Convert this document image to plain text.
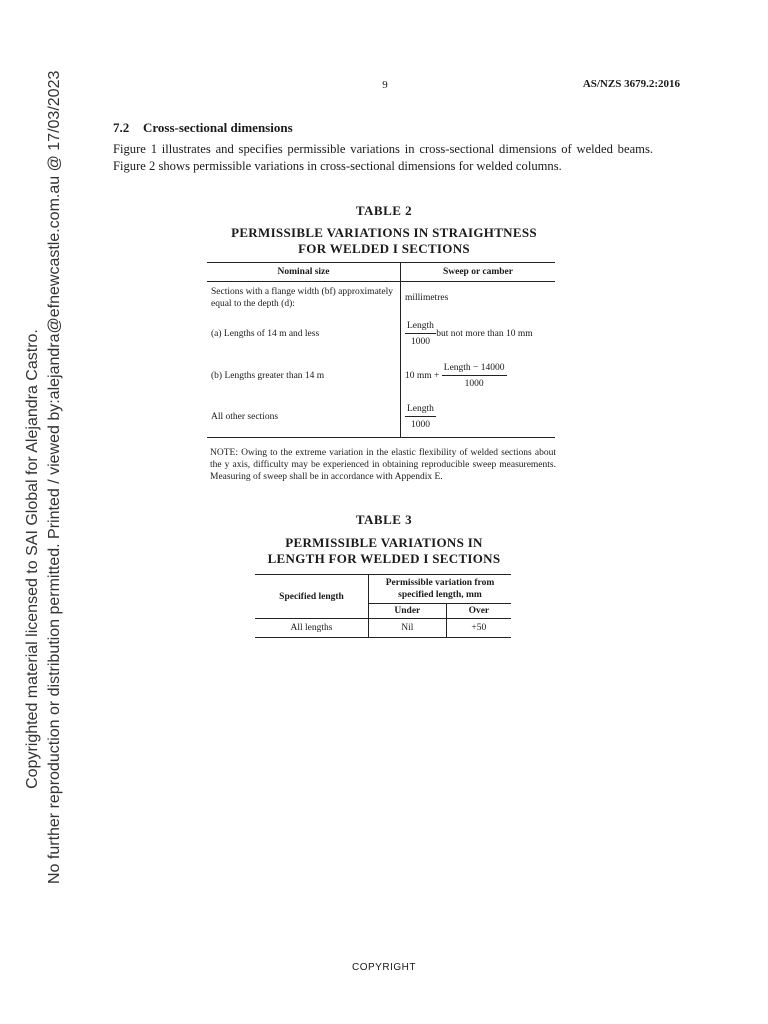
Copyrighted material licensed to SAI Global for Alejandra Castro. No further reproduction or distribution permitted. Printed / viewed by:alejandra@efnewcastle.com.au @ 17/03/2023	9	AS/NZS 3679.2:2016
7.2 Cross-sectional dimensions
Figure 1 illustrates and specifies permissible variations in cross-sectional dimensions of welded beams. Figure 2 shows permissible variations in cross-sectional dimensions for welded columns.
TABLE 2
PERMISSIBLE VARIATIONS IN STRAIGHTNESS
FOR WELDED I SECTIONS
Nominal size	Sweep or camber
Sections with a flange width (bf) approximately equal to the depth (d):	millimetres
(a) Lengths of 14 m and less	$\frac{\text{Length}}{1000}$ but not more than 10 mm
(b) Lengths greater than 14 m	10 mm + $\frac{\text{Length − 14000}}{1000}$

All other sections	$\frac{\text{Length}}{1000}$
NOTE: Owing to the extreme variation in the elastic flexibility of welded sections about the y axis, difficulty may be experienced in obtaining reproducible sweep measurements. Measuring of sweep shall be in accordance with Appendix E.
TABLE 3
PERMISSIBLE VARIATIONS IN
LENGTH FOR WELDED I SECTIONS
Specified length	Permissible variation from specified length, mm	
	Under	Over
All lengths	Nil	+50
COPYRIGHT
